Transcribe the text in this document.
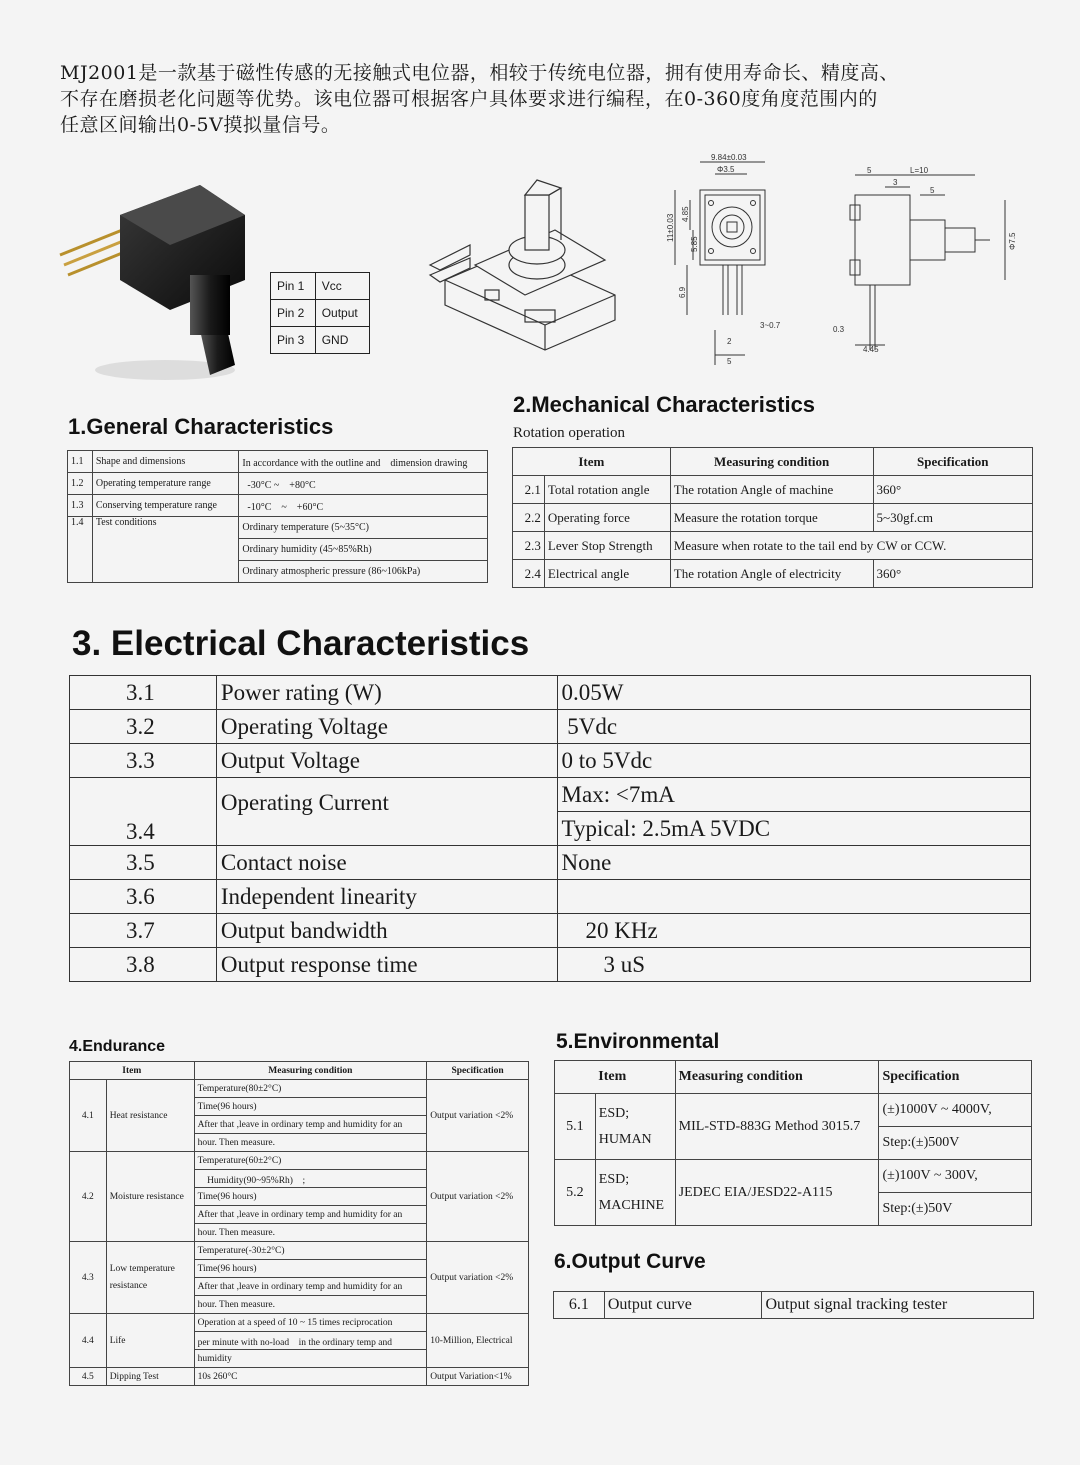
MJ2001是一款基于磁性传感的无接触式电位器，相较于传统电位器，拥有使用寿命长、精度高、
不存在磨损老化问题等优势。该电位器可根据客户具体要求进行编程，在0-360度角度范围内的
任意区间输出0-5V摸拟量信号。
Pin 1	Vcc
Pin 2	Output
Pin 3	GND
9.84±0.03
Φ3.5
11±0.03 4.85
5.85
6.9
3~0.7
2
5
L=10
5
3
5
0.3
4.45
Φ7.5
1.General Characteristics
1.1	Shape and dimensions	In accordance with the outline and　dimension drawing
1.2	Operating temperature range	-30°C ~　+80°C
1.3	Conserving temperature range	-10°C　~　+60°C
1.4	Test conditions	Ordinary temperature (5~35°C)
		Ordinary humidity (45~85%Rh)
		Ordinary atmospheric pressure (86~106kPa)
2.Mechanical Characteristics
Rotation operation
Item		Measuring condition	Specification
2.1	Total rotation angle	The rotation Angle of machine	360°
2.2	Operating force	Measure the rotation torque	5~30gf.cm
2.3	Lever Stop Strength	Measure when rotate to the tail end by CW or CCW.	
2.4	Electrical angle	The rotation Angle of electricity	360°
3. Electrical Characteristics
3.1	Power rating (W)	0.05W
3.2	Operating Voltage	5Vdc
3.3	Output Voltage	0 to 5Vdc
3.4	Operating Current	Max: <7mA
		Typical: 2.5mA 5VDC
3.5	Contact noise	None
3.6	Independent linearity	
3.7	Output bandwidth	20 KHz
3.8	Output response time	3 uS
4.Endurance
Item		Measuring condition	Specification
4.1	Heat resistance	Temperature(80±2°C)	Output variation <2%
		Time(96 hours)	
		After that ,leave in ordinary temp and humidity for an	
		hour. Then measure.	
4.2	Moisture resistance	Temperature(60±2°C)	Output variation <2%
		　Humidity(90~95%Rh)　;	
		Time(96 hours)	
		After that ,leave in ordinary temp and humidity for an	
		hour. Then measure.	
4.3	Low temperature
resistance	Temperature(-30±2°C)	Output variation <2%
		Time(96 hours)	
		After that ,leave in ordinary temp and humidity for an	
		hour. Then measure.	
4.4	Life	Operation at a speed of 10 ~ 15 times reciprocation	10-Million, Electrical
		per minute with no-load　in the ordinary temp and	
		humidity	
4.5	Dipping Test	10s 260°C	Output Variation<1%
5.Environmental
	Item	Measuring condition	Specification
5.1	ESD;
HUMAN	MIL-STD-883G Method 3015.7	(±)1000V ~ 4000V,
			Step:(±)500V
5.2	ESD;
MACHINE	JEDEC EIA/JESD22-A115	(±)100V ~ 300V,
			Step:(±)50V
6.Output Curve
6.1	Output curve	Output signal tracking tester
